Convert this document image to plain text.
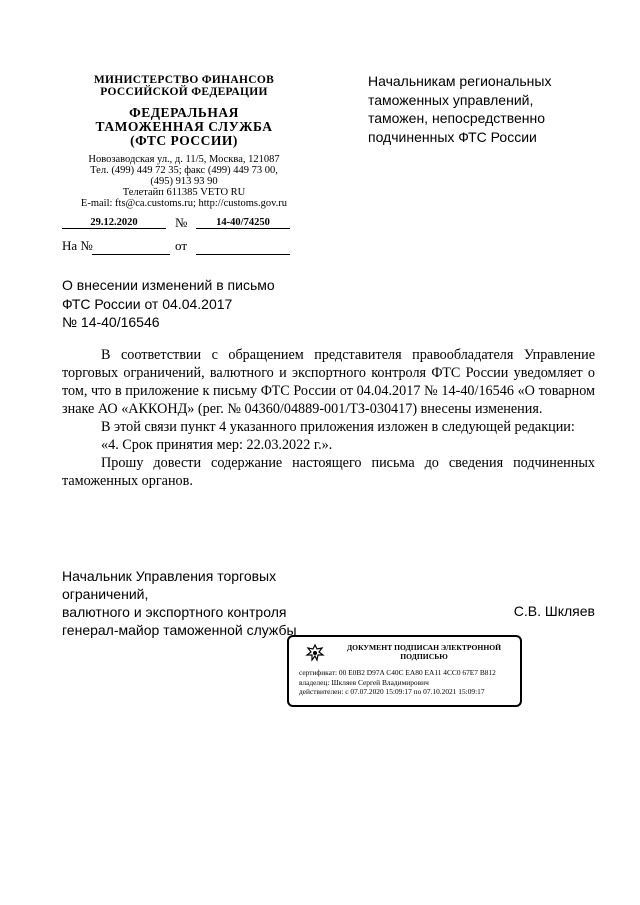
МИНИСТЕРСТВО ФИНАНСОВ
РОССИЙСКОЙ ФЕДЕРАЦИИ
ФЕДЕРАЛЬНАЯ
ТАМОЖЕННАЯ СЛУЖБА
(ФТС РОССИИ)
Новозаводская ул., д. 11/5, Москва, 121087
Тел. (499) 449 72 35; факс (499) 449 73 00,
(495) 913 93 90
Телетайп 611385 VETO RU
E-mail: fts@ca.customs.ru; http://customs.gov.ru
29.12.2020	№	14-40/74250
На №	от
Начальникам региональных
таможенных управлений,
таможен, непосредственно
подчиненных ФТС России
О внесении изменений в письмо
ФТС России от 04.04.2017
№ 14-40/16546

В соответствии с обращением представителя правообладателя Управление торговых ограничений, валютного и экспортного контроля ФТС России уведомляет о том, что в приложение к письму ФТС России от 04.04.2017 № 14-40/16546 «О товарном знаке АО «АККОНД» (рег. № 04360/04889-001/ТЗ-030417) внесены изменения.

В этой связи пункт 4 указанного приложения изложен в следующей редакции:

«4. Срок принятия мер: 22.03.2022 г.».

Прошу довести содержание настоящего письма до сведения подчиненных таможенных органов.

Начальник Управления торговых ограничений,
валютного и экспортного контроля
генерал-майор таможенной службы
С.В. Шкляев
ДОКУМЕНТ ПОДПИСАН ЭЛЕКТРОННОЙ ПОДПИСЬЮ
сертификат: 00 E0B2 D97A C40C EA80 EA11 4CC0 67E7 B812
владелец: Шкляев Сергей Владимирович
действителен: с 07.07.2020 15:09:17 по 07.10.2021 15:09:17
